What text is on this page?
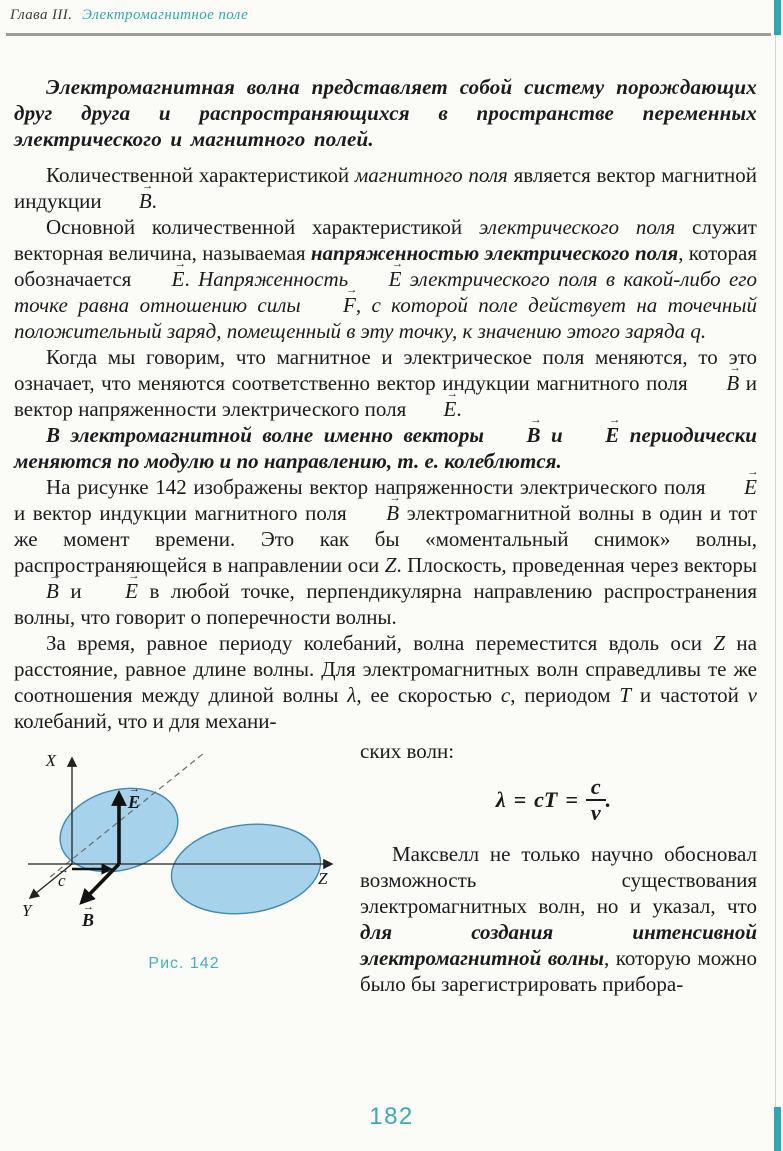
Глава III. Электромагнитное поле

Электромагнитная волна представляет собой систему порождающих друг друга и распространяющихся в пространстве переменных электрического и магнитного полей.

Количественной характеристикой магнитного поля является вектор магнитной индукции → B.

Основной количественной характеристикой электрического поля служит векторная величина, называемая напряженностью электрического поля, которая обозначается → E. Напряженность → E электрического поля в какой-либо его точке равна отношению силы → F, с которой поле действует на точечный положительный заряд, помещенный в эту точку, к значению этого заряда q.

Когда мы говорим, что магнитное и электрическое поля меняются, то это означает, что меняются соответственно вектор индукции магнитного поля → B и вектор напряженности электрического поля → E.

В электромагнитной волне именно векторы → B и → E периодически меняются по модулю и по направлению, т. е. колеблются.

На рисунке 142 изображены вектор напряженности электрического поля → E и вектор индукции магнитного поля → B электромагнитной волны в один и тот же момент времени. Это как бы «моментальный снимок» волны, распространяющейся в направлении оси Z. Плоскость, проведенная через векторы → B и → E в любой точке, перпендикулярна направлению распространения волны, что говорит о поперечности волны.

За время, равное периоду колебаний, волна переместится вдоль оси Z на расстояние, равное длине волны. Для электромагнитных волн справедливы те же соотношения между длиной волны λ, ее скоростью c, периодом T и частотой ν колебаний, что и для механи-

X
Y
Z
E
→
B
→
c
→
Рис. 142
ских волн:
λ = cT = $\frac{c}{\nu}$ .

Максвелл не только научно обосновал возможность существования электромагнитных волн, но и указал, что для создания интенсивной электромагнитной волны, которую можно было бы зарегистрировать прибора-

182
